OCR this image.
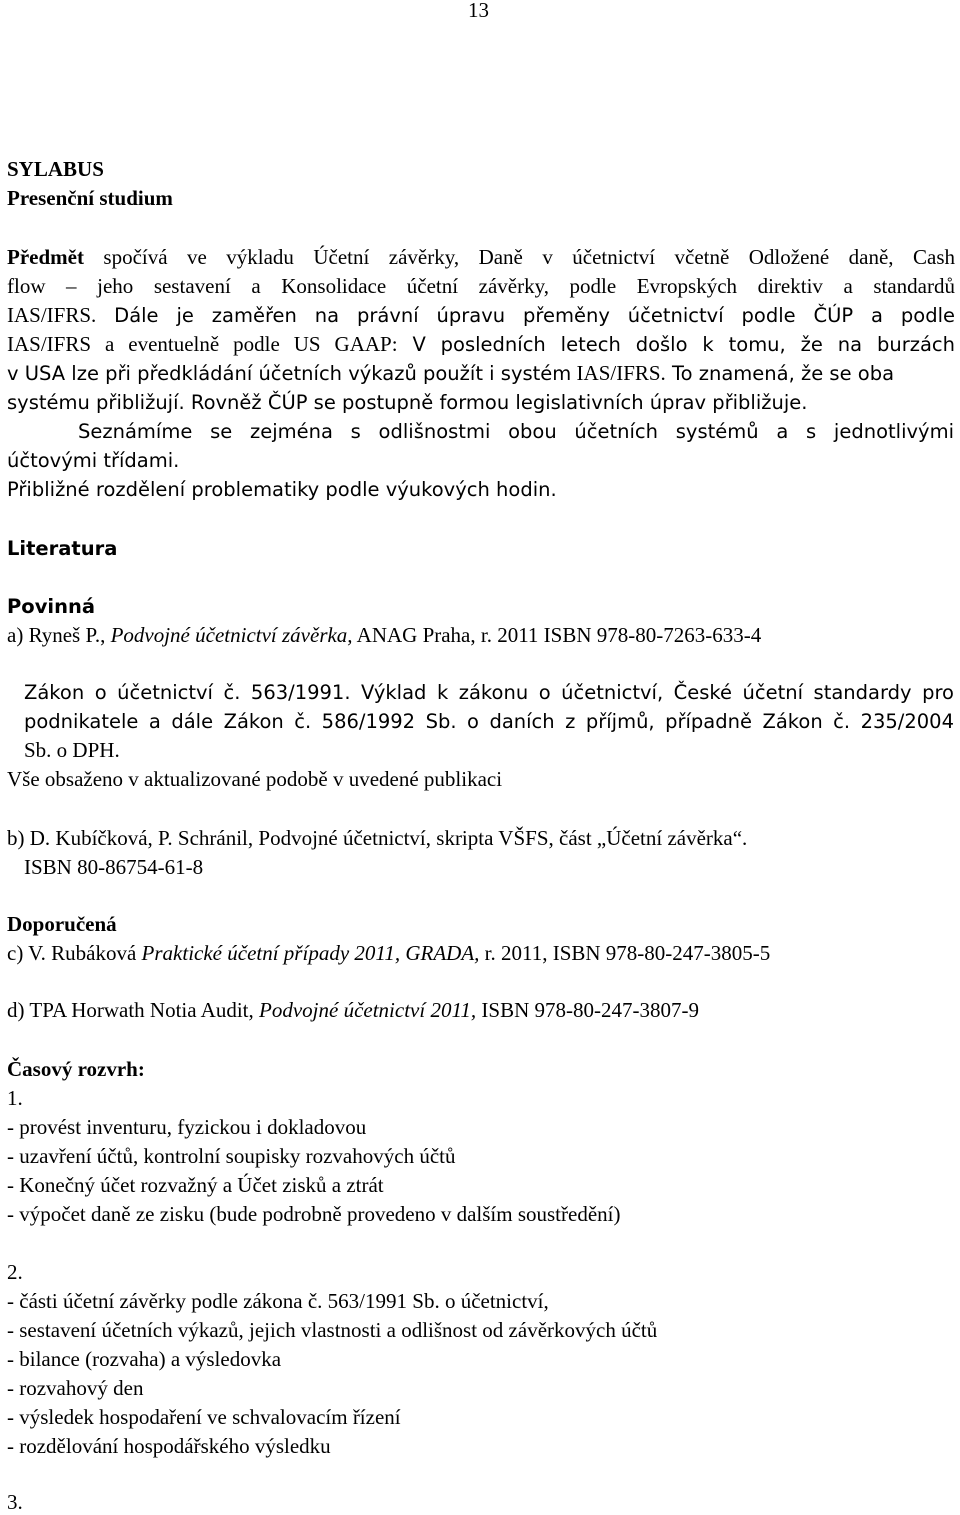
13
SYLABUS
Presenční studium
Předmět spočívá ve výkladu Účetní závěrky, Daně v účetnictví včetně Odložené daně, Cash
flow – jeho sestavení a Konsolidace účetní závěrky, podle Evropských direktiv a standardů
IAS/IFRS. Dále je zaměřen na právní úpravu přeměny účetnictví podle ČÚP a podle
IAS/IFRS a eventuelně podle US GAAP: V posledních letech došlo k tomu, že na burzách
v USA lze při předkládání účetních výkazů použít i systém IAS/IFRS. To znamená, že se oba
systému přibližují. Rovněž ČÚP se postupně formou legislativních úprav přibližuje.
Seznámíme se zejména s odlišnostmi obou účetních systémů a s jednotlivými
účtovými třídami.
Přibližné rozdělení problematiky podle výukových hodin.
Literatura
Povinná
a) Ryneš P., Podvojné účetnictví závěrka, ANAG Praha, r. 2011 ISBN 978-80-7263-633-4
Zákon o účetnictví č. 563/1991. Výklad k zákonu o účetnictví, České účetní standardy pro
podnikatele a dále Zákon č. 586/1992 Sb. o daních z příjmů, případně Zákon č. 235/2004
Sb. o DPH.
Vše obsaženo v aktualizované podobě v uvedené publikaci
b) D. Kubíčková, P. Schránil, Podvojné účetnictví, skripta VŠFS, část „Účetní závěrka“.
ISBN 80-86754-61-8
Doporučená
c) V. Rubáková Praktické účetní případy 2011, GRADA, r. 2011, ISBN 978-80-247-3805-5
d) TPA Horwath Notia Audit, Podvojné účetnictví 2011, ISBN 978-80-247-3807-9
Časový rozvrh:
1.
- provést inventuru, fyzickou i dokladovou
- uzavření účtů, kontrolní soupisky rozvahových účtů
- Konečný účet rozvažný a Účet zisků a ztrát
- výpočet daně ze zisku (bude podrobně provedeno v dalším soustředění)
2.
- části účetní závěrky podle zákona č. 563/1991 Sb. o účetnictví,
- sestavení účetních výkazů, jejich vlastnosti a odlišnost od závěrkových účtů
- bilance (rozvaha) a výsledovka
- rozvahový den
- výsledek hospodaření ve schvalovacím řízení
- rozdělování hospodářského výsledku
3.
